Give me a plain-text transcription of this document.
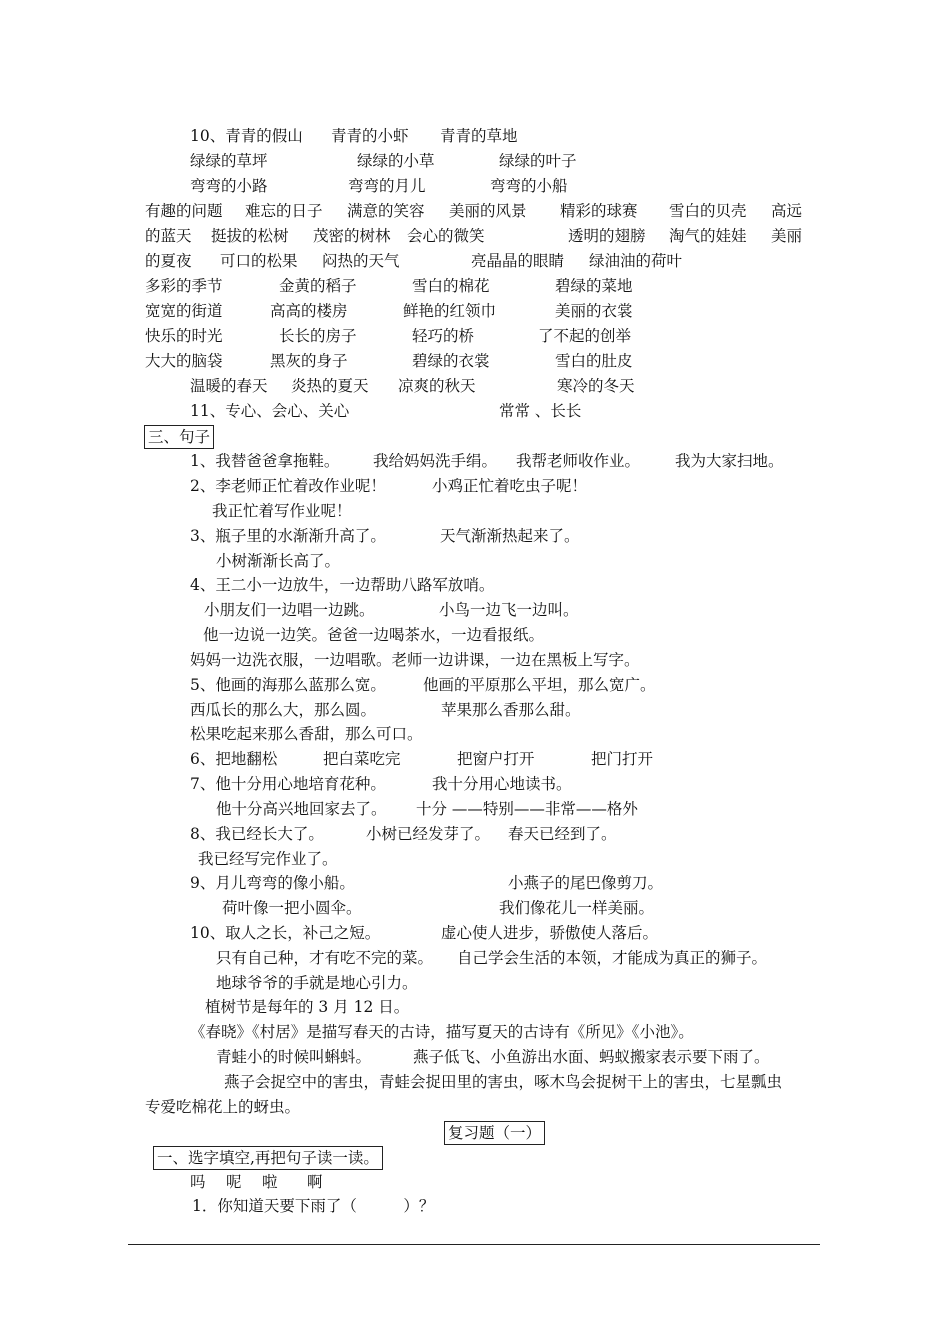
10、青青的假山 青青的小虾 青青的草地
绿绿的草坪	绿绿的小草	绿绿的叶子
弯弯的小路	弯弯的月儿	弯弯的小船
有趣的问题 难忘的日子 满意的笑容 美丽的风景 精彩的球赛 雪白的贝壳 高远
的蓝天 挺拔的松树 茂密的树林 会心的微笑	透明的翅膀 淘气的娃娃 美丽
的夏夜 可口的松果 闷热的天气	亮晶晶的眼睛 绿油油的荷叶
多彩的季节	金黄的稻子	雪白的棉花	碧绿的菜地
宽宽的街道	高高的楼房	鲜艳的红领巾	美丽的衣裳
快乐的时光	长长的房子	轻巧的桥	了不起的创举
大大的脑袋	黑灰的身子	碧绿的衣裳	雪白的肚皮
温暖的春天 炎热的夏天 凉爽的秋天	寒冷的冬天
11、专心、会心、关心	常常 、长长
三、句子
1、我替爸爸拿拖鞋。 我给妈妈洗手绢。 我帮老师收作业。 我为大家扫地。
2、李老师正忙着改作业呢！	小鸡正忙着吃虫子呢！
我正忙着写作业呢！
3、瓶子里的水渐渐升高了。	天气渐渐热起来了。
小树渐渐长高了。
4、王二小一边放牛，一边帮助八路军放哨。
小朋友们一边唱一边跳。	小鸟一边飞一边叫。
他一边说一边笑。爸爸一边喝茶水，一边看报纸。
妈妈一边洗衣服，一边唱歌。老师一边讲课，一边在黑板上写字。
5、他画的海那么蓝那么宽。 他画的平原那么平坦，那么宽广。
西瓜长的那么大，那么圆。	苹果那么香那么甜。
松果吃起来那么香甜，那么可口。
6、把地翻松	把白菜吃完	把窗户打开	把门打开
7、他十分用心地培育花种。	我十分用心地读书。
他十分高兴地回家去了。 十分 ——特别——非常——格外
8、我已经长大了。	小树已经发芽了。 春天已经到了。
我已经写完作业了。
9、月儿弯弯的像小船。	小燕子的尾巴像剪刀。
荷叶像一把小圆伞。	我们像花儿一样美丽。
10、取人之长，补己之短。	虚心使人进步，骄傲使人落后。
只有自己种，才有吃不完的菜。 自己学会生活的本领，才能成为真正的狮子。
地球爷爷的手就是地心引力。
植树节是每年的 3 月 12 日。
《春晓》《村居》是描写春天的古诗，描写夏天的古诗有《所见》《小池》。
青蛙小的时候叫蝌蚪。	燕子低飞、小鱼游出水面、蚂蚁搬家表示要下雨了。
燕子会捉空中的害虫，青蛙会捉田里的害虫，啄木鸟会捉树干上的害虫，七星瓢虫
专爱吃棉花上的蚜虫。
复习题（一）
一、选字填空,再把句子读一读。
吗 呢 啦 啊
1．你知道天要下雨了（　　　）？
